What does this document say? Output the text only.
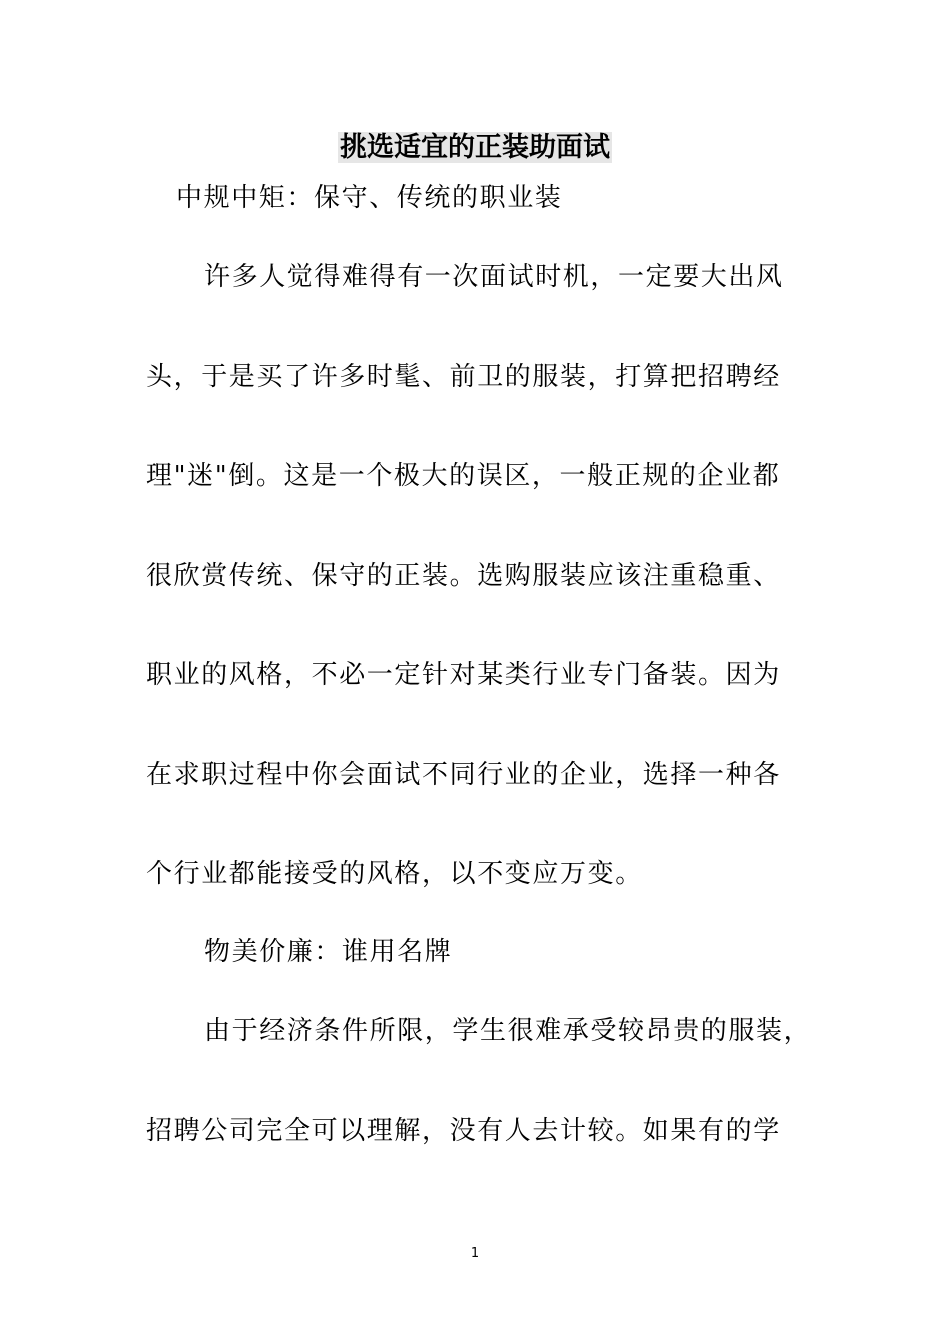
挑选适宜的正装助面试
中规中矩：保守、传统的职业装
许多人觉得难得有一次面试时机，一定要大出风
头，于是买了许多时髦、前卫的服装，打算把招聘经
理"迷"倒。这是一个极大的误区，一般正规的企业都
很欣赏传统、保守的正装。选购服装应该注重稳重、
职业的风格，不必一定针对某类行业专门备装。因为
在求职过程中你会面试不同行业的企业，选择一种各
个行业都能接受的风格，以不变应万变。
物美价廉：谁用名牌
由于经济条件所限，学生很难承受较昂贵的服装，
招聘公司完全可以理解，没有人去计较。如果有的学
1
